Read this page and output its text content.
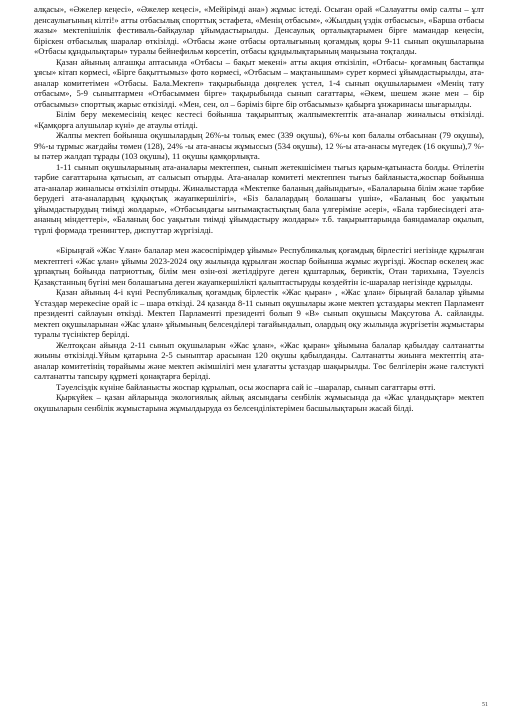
алқасы», «Әжелер кеңесі», «Әжелер кеңесі», «Мейірімді ана») жұмыс істеді. Осыған орай «Салауатты өмір салты – ұлт денсаулығының кілті!» атты отбасылық спорттық эстафета, «Менің отбасым», «Жылдың үздік отбасысы», «Барша отбасы жазы» мектепішілік фестиваль-байқаулар ұйымдастырылды. Денсаулық орталықтарымен бірге мамандар кеңесін, біріскен отбасылық шаралар өткізілді. «Отбасы және отбасы орталығының қоғамдық қоры 9-11 сынып оқушыларына «Отбасы құндылықтары» туралы бейнефильм көрсетіп, отбасы құндылықтарының маңызына тоқталды.

Қазан айының алғашқы аптасында «Отбасы – бақыт мекені» атты акция өткізіліп, «Отбасы- қоғамның бастапқы ұясы» кітап көрмесі, «Бірге бақыттымыз» фото көрмесі, «Отбасым – мақтанышым» сурет көрмесі ұйымдастырылды, ата-аналар комитетімен «Отбасы. Бала.Мектеп» тақырыбында дөңгелек үстел, 1-4 сынып оқушыларымен «Менің тату отбасым», 5-9 сыныптармен «Отбасыммен бірге» тақырыбында сынып сағаттары, «Әкем, шешем және мен – бір отбасымыз» спорттық жарыс өткізілді. «Мен, сен, ол – бәріміз бірге бір отбасымыз» қабырға ұнжаринасы шығарылды.

Білім беру мекемесінің кеңес кестесі бойынша тақырыптық жалпымектептік ата-аналар жиналысы өткізілді. «Қамқорға алушылар күні» де атаулы өтілді.

Жалпы мектеп бойынша оқушылардың 26%-ы толық емес (339 оқушы), 6%-ы көп балалы отбасынан (79 оқушы), 9%-ы тұрмыс жағдайы төмен (128), 24% -ы ата-анасы жұмыссыз (534 оқушы), 12 %-ы ата-анасы мүгедек (16 оқушы),7 %-ы пәтер жалдап тұрады (103 оқушы), 11 оқушы қамқорлықта.

1-11 сынып оқушыларының ата-аналары мектеппен, сынып жетекшісімен тығыз қарым-қатынаста болды. Өтілетін тәрбие сағаттарына қатысып, ат салысып отырды. Ата-аналар комитеті мектеппен тығыз байланыста,жоспар бойынша ата-аналар жиналысы өткізіліп отырды. Жиналыстарда «Мектепке баланың дайындығы», «Балаларына білім және тәрбие берудегі ата-аналардың құқықтық жауапкершілігі», «Біз балалардың болашағы үшін», «Баланың бос уақытын ұйымдастырудың тиімді жолдары», «Отбасындағы ынтымақтастықтың бала үлгеріміне әсері», «Бала тәрбиесіндегі ата-ананың міндеттері», «Баланың бос уақытын тиімді ұйымдастыру жолдары» т.б. тақырыптарында баяндамалар оқылып, түрлі формада тренингтер, диспуттар жүргізілді.

«Бірыңғай «Жас Ұлан» балалар мен жасөспірімдер ұйымы» Республикалық қоғамдық бірлестігі негізінде құрылған мектептегі «Жас ұлан» ұйымы 2023-2024 оқу жылында құрылған жоспар бойынша жұмыс жүргізді. Жоспар өскелең жас ұрпақтың бойында патриоттық, білім мен өзін-өзі жетілдіруге деген құштарлық, бериктік, Отан тарихына, Тәуелсіз Қазақстанның бүгіні мен болашағына деген жауапкершілікті қалыптастыруды көздейтін іс-шаралар негізінде құрылды.

Қазан айының 4-і күні Республикалық қоғамдық бірлестік «Жас қыран» , «Жас ұлан» бірыңғай балалар ұйымы Ұстаздар мерекесіне орай іс – шара өткізді. 24 қазанда 8-11 сынып оқушылары және мектеп ұстаздары мектеп Парламент президенті сайлауын өткізді. Мектеп Парламенті президенті болып 9 «В» сынып оқушысы Мақсутова А. сайланды. мектеп оқушыларынан «Жас ұлан» ұйымының белсенділері тағайындалып, олардың оқу жылында жүргізетін жұмыстары туралы түсініктер берілді.

Желтоқсан айында 2-11 сынып оқушыларын «Жас ұлан», «Жас қыран» ұйымына балалар қабылдау салтанатты жиыны өткізілді.Ұйым қатарына 2-5 сыныптар арасынан 120 оқушы қабылданды. Салтанатты жиынға мектептің ата-аналар комитетінің төрайымы және мектеп әкімшілігі мен ұлағатты ұстаздар шақырылды. Төс белгілерін және галстукті салтанатты тапсыру құрметі қонақтарға берілді.

Тәуелсіздік күніне байланысты жоспар құрылып, осы жоспарға сай іс –шаралар, сынып сағаттары өтті.

Қыркүйек – қазан айларында экологиялық айлық аясындағы сенбілік жұмысында да «Жас ұландықтар» мектеп оқушыларын сенбілік жұмыстарына жұмылдыруда өз белсенділіктерімен басшылықтарын жасай білді.

51
